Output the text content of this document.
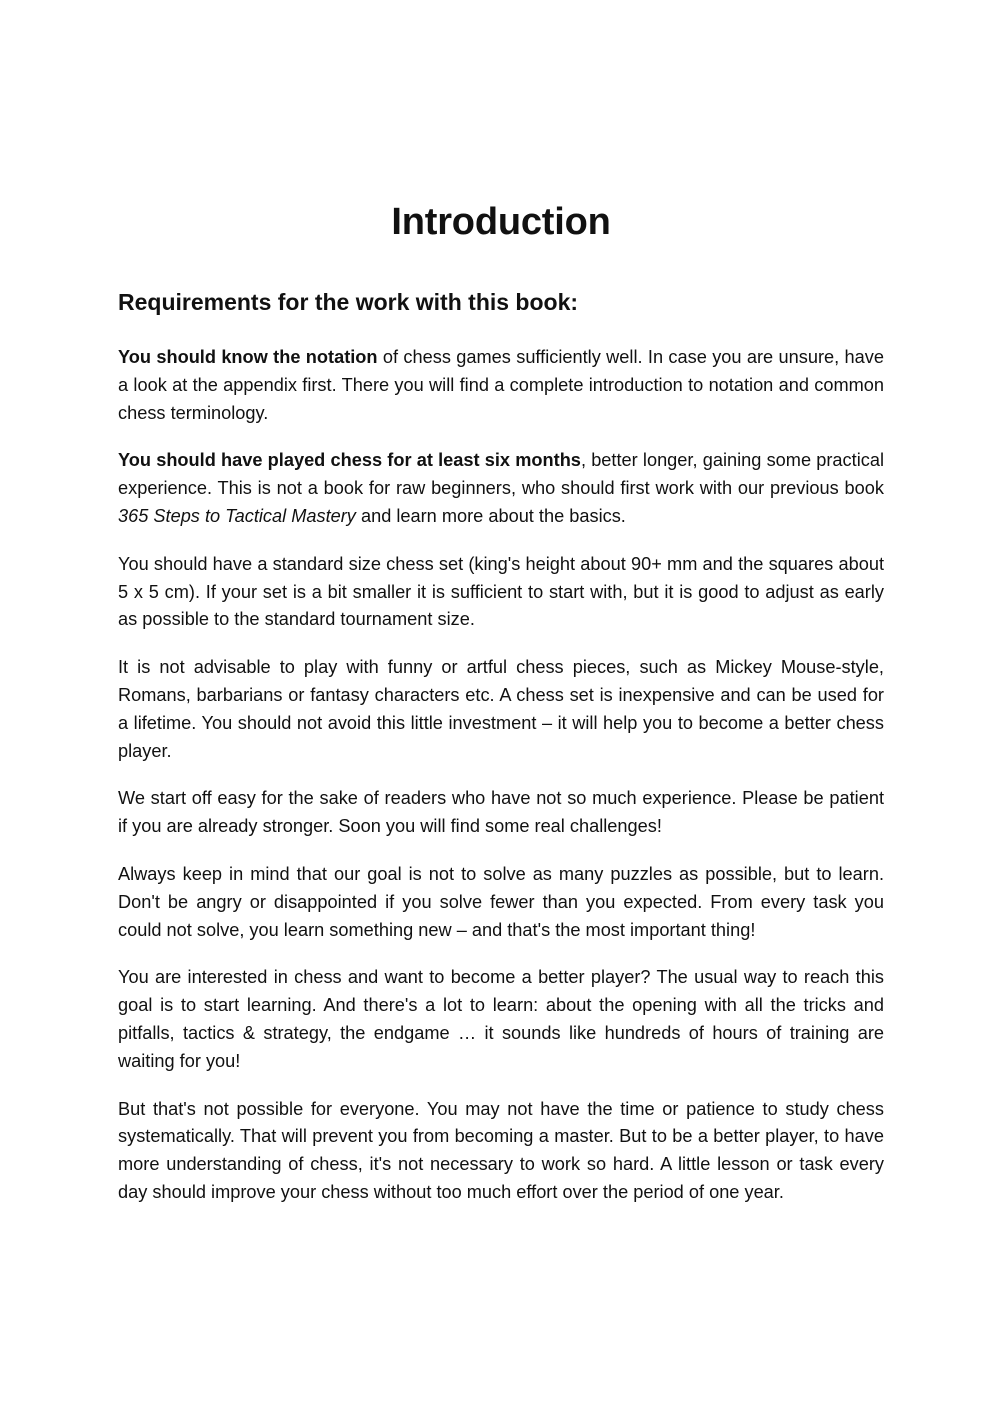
Introduction
Requirements for the work with this book:

You should know the notation of chess games sufficiently well. In case you are unsure, have a look at the appendix first. There you will find a complete introduction to notation and common chess terminology.

You should have played chess for at least six months, better longer, gaining some practical experience. This is not a book for raw beginners, who should first work with our previous book 365 Steps to Tactical Mastery and learn more about the basics.

You should have a standard size chess set (king's height about 90+ mm and the squares about 5 x 5 cm). If your set is a bit smaller it is sufficient to start with, but it is good to adjust as early as possible to the standard tournament size.

It is not advisable to play with funny or artful chess pieces, such as Mickey Mouse-style, Romans, barbarians or fantasy characters etc. A chess set is inexpensive and can be used for a lifetime. You should not avoid this little investment – it will help you to become a better chess player.

We start off easy for the sake of readers who have not so much experience. Please be patient if you are already stronger. Soon you will find some real challenges!

Always keep in mind that our goal is not to solve as many puzzles as possible, but to learn. Don't be angry or disappointed if you solve fewer than you expected. From every task you could not solve, you learn something new – and that's the most important thing!

You are interested in chess and want to become a better player? The usual way to reach this goal is to start learning. And there's a lot to learn: about the opening with all the tricks and pitfalls, tactics & strategy, the endgame … it sounds like hundreds of hours of training are waiting for you!

But that's not possible for everyone. You may not have the time or patience to study chess systematically. That will prevent you from becoming a master. But to be a better player, to have more understanding of chess, it's not necessary to work so hard. A little lesson or task every day should improve your chess without too much effort over the period of one year.
